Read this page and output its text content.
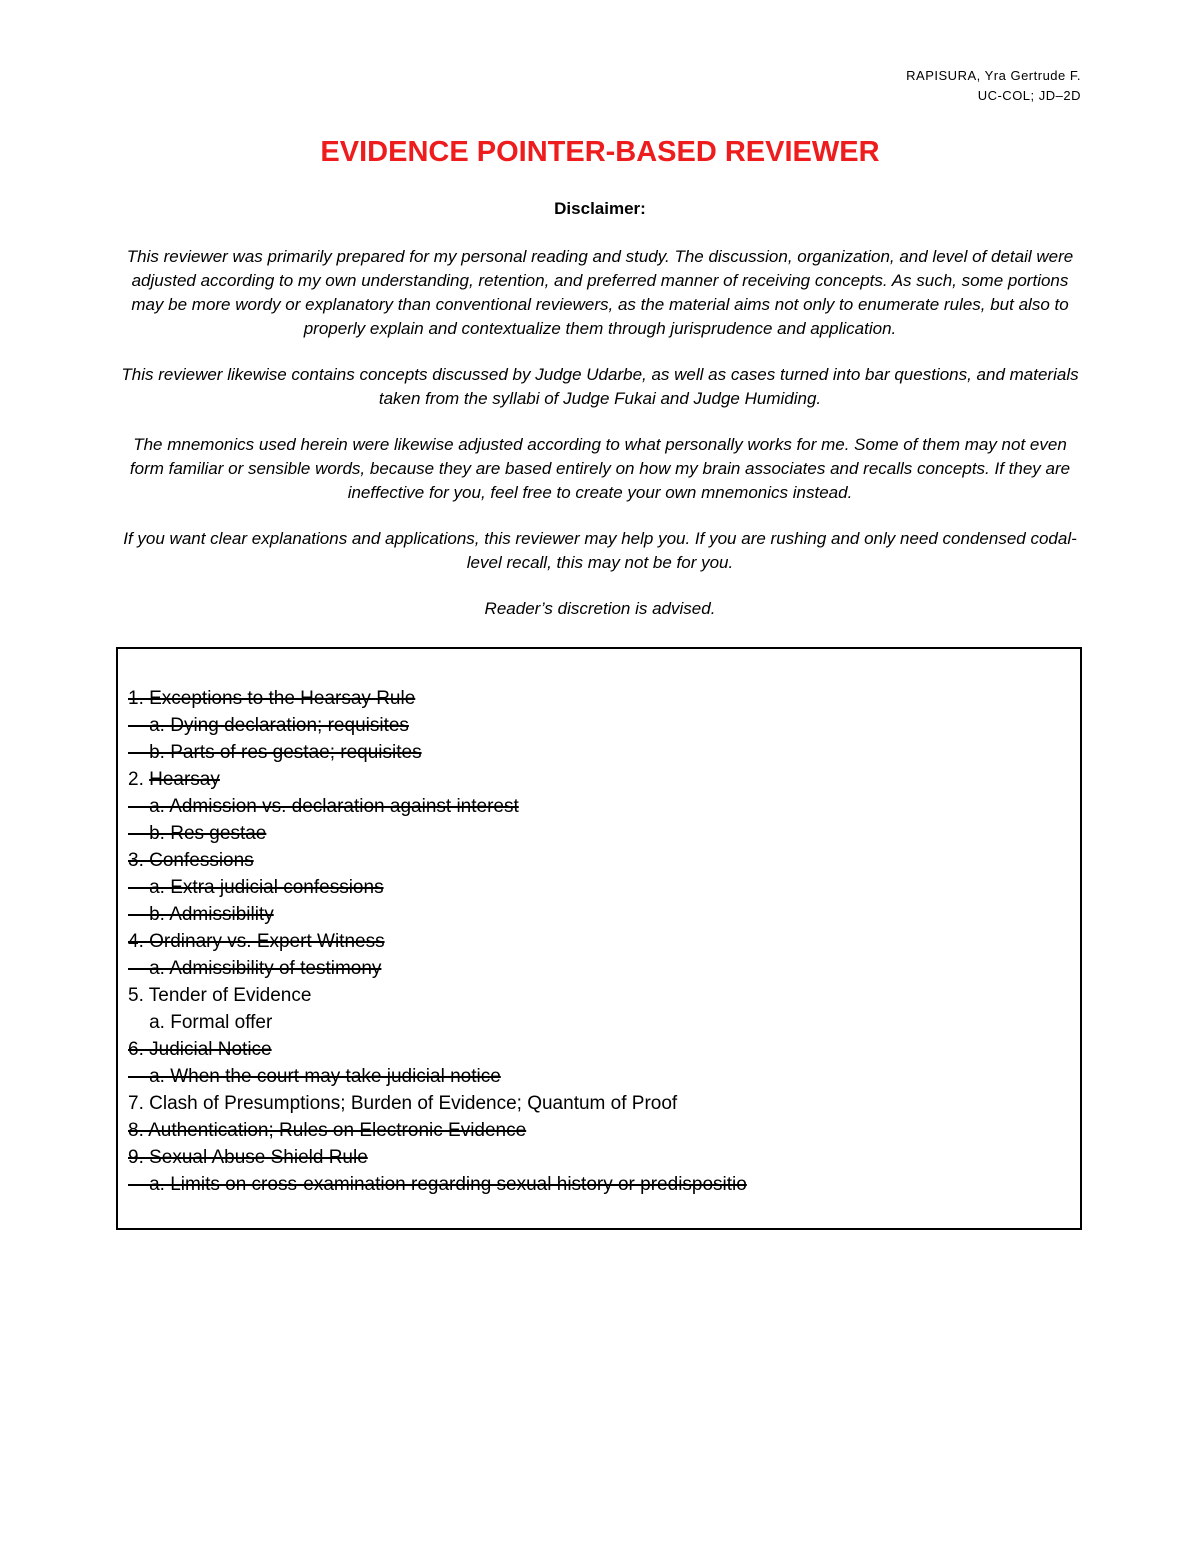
RAPISURA, Yra Gertrude F.
UC-COL; JD–2D
EVIDENCE POINTER-BASED REVIEWER
Disclaimer:

This reviewer was primarily prepared for my personal reading and study. The discussion, organization, and level of detail were adjusted according to my own understanding, retention, and preferred manner of receiving concepts. As such, some portions may be more wordy or explanatory than conventional reviewers, as the material aims not only to enumerate rules, but also to properly explain and contextualize them through jurisprudence and application.

This reviewer likewise contains concepts discussed by Judge Udarbe, as well as cases turned into bar questions, and materials taken from the syllabi of Judge Fukai and Judge Humiding.

The mnemonics used herein were likewise adjusted according to what personally works for me. Some of them may not even form familiar or sensible words, because they are based entirely on how my brain associates and recalls concepts. If they are ineffective for you, feel free to create your own mnemonics instead.

If you want clear explanations and applications, this reviewer may help you. If you are rushing and only need condensed codal-level recall, this may not be for you.

Reader’s discretion is advised.

1. Exceptions to the Hearsay Rule
a. Dying declaration; requisites
b. Parts of res gestae; requisites
2. Hearsay
a. Admission vs. declaration against interest
b. Res gestae
3. Confessions
a. Extra judicial confessions
b. Admissibility
4. Ordinary vs. Expert Witness
a. Admissibility of testimony
5. Tender of Evidence
a. Formal offer
6. Judicial Notice
a. When the court may take judicial notice
7. Clash of Presumptions; Burden of Evidence; Quantum of Proof
8. Authentication; Rules on Electronic Evidence
9. Sexual Abuse Shield Rule
a. Limits on cross-examination regarding sexual history or predispositio
